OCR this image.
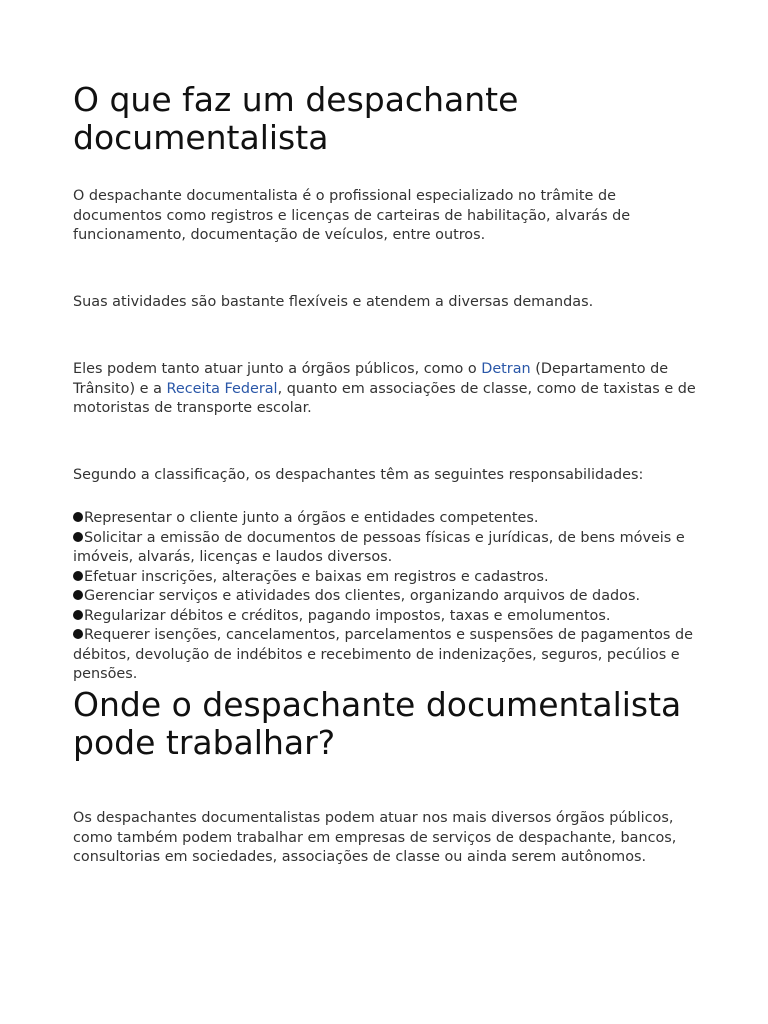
O que faz um despachante documentalista

O despachante documentalista é o profissional especializado no trâmite de documentos como registros e licenças de carteiras de habilitação, alvarás de funcionamento, documentação de veículos, entre outros.

Suas atividades são bastante flexíveis e atendem a diversas demandas.

Eles podem tanto atuar junto a órgãos públicos, como o Detran (Departamento de Trânsito) e a Receita Federal, quanto em associações de classe, como de taxistas e de motoristas de transporte escolar.

Segundo a classificação, os despachantes têm as seguintes responsabilidades:

Representar o cliente junto a órgãos e entidades competentes.

Solicitar a emissão de documentos de pessoas físicas e jurídicas, de bens móveis e imóveis, alvarás, licenças e laudos diversos.

Efetuar inscrições, alterações e baixas em registros e cadastros.

Gerenciar serviços e atividades dos clientes, organizando arquivos de dados.

Regularizar débitos e créditos, pagando impostos, taxas e emolumentos.

Requerer isenções, cancelamentos, parcelamentos e suspensões de pagamentos de débitos, devolução de indébitos e recebimento de indenizações, seguros, pecúlios e pensões.

Onde o despachante documentalista pode trabalhar?

Os despachantes documentalistas podem atuar nos mais diversos órgãos públicos, como também podem trabalhar em empresas de serviços de despachante, bancos, consultorias em sociedades, associações de classe ou ainda serem autônomos.
